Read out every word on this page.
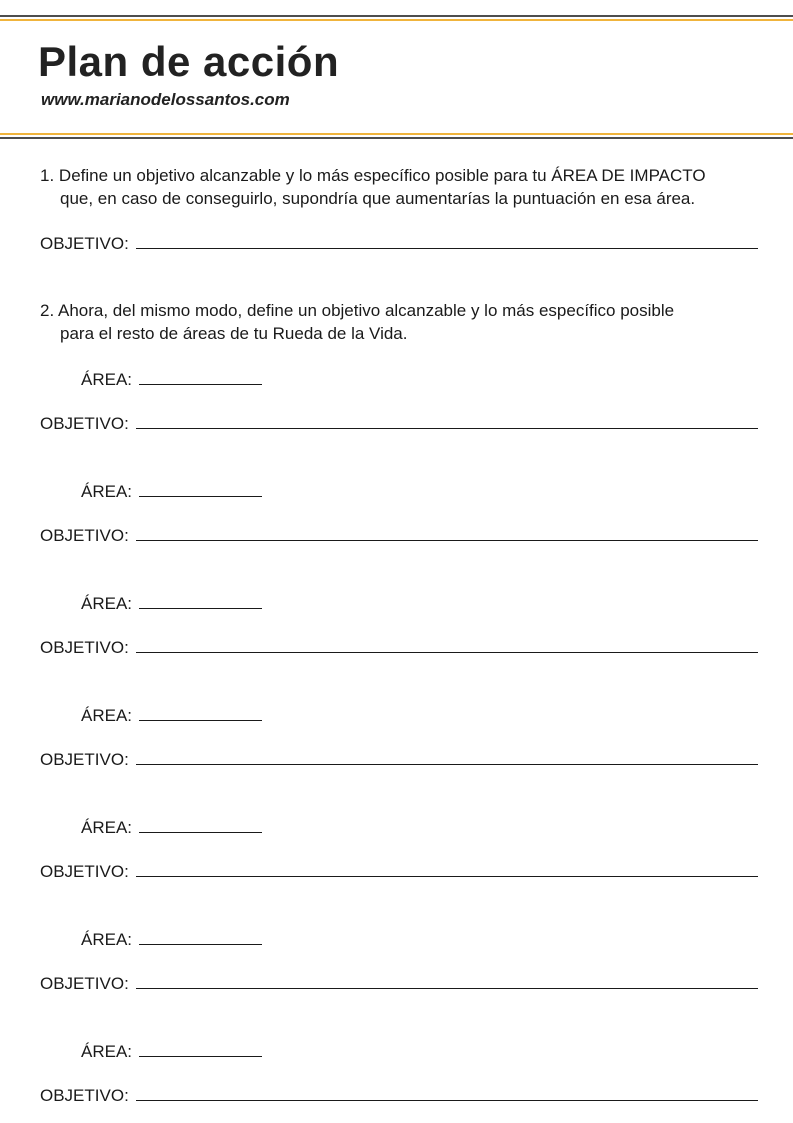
Plan de acción
www.marianodelossantos.com
1. Define un objetivo alcanzable y lo más específico posible para tu ÁREA DE IMPACTO
que, en caso de conseguirlo, supondría que aumentarías la puntuación en esa área.
OBJETIVO:
2. Ahora, del mismo modo, define un objetivo alcanzable y lo más específico posible
para el resto de áreas de tu Rueda de la Vida.
ÁREA:
OBJETIVO:
ÁREA:
OBJETIVO:
ÁREA:
OBJETIVO:
ÁREA:
OBJETIVO:
ÁREA:
OBJETIVO:
ÁREA:
OBJETIVO:
ÁREA:
OBJETIVO:
